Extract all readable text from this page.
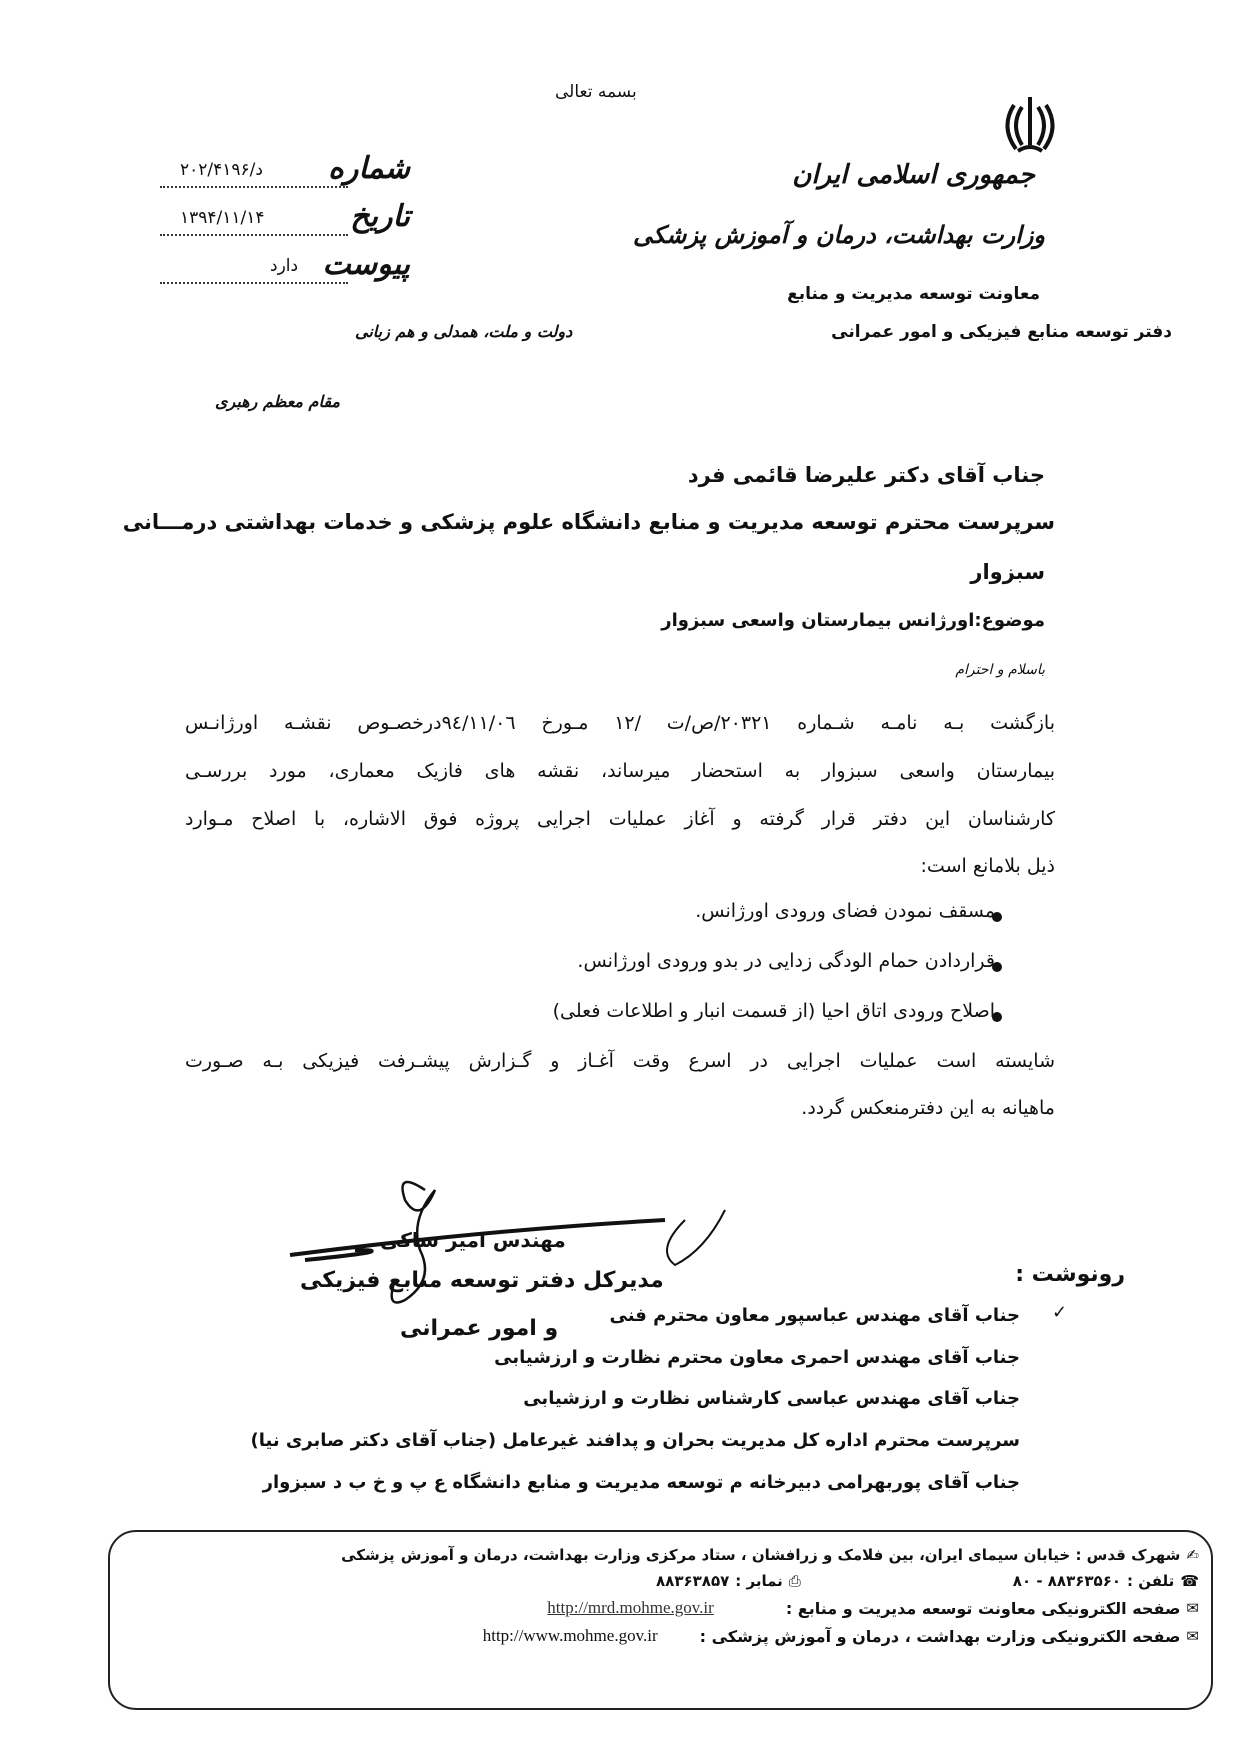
بسمه تعالی
جمهوری اسلامی ایران
وزارت بهداشت، درمان و آموزش پزشکی
معاونت توسعه مدیریت و منابع
دفتر توسعه منابع فیزیکی و امور عمرانی
شماره
د/۲۰۲/۴۱۹۶
تاریخ
۱۳۹۴/۱۱/۱۴
پیوست
دارد
دولت و ملت، همدلی و هم زبانی
مقام معظم رهبری
جناب آقای دکتر علیرضا قائمی فرد
سرپرست محترم توسعه مدیریت و منابع دانشگاه علوم پزشکی و خدمات بهداشتی درمـــانی
سبزوار
موضوع:اورژانس بیمارستان واسعی سبزوار
باسلام و احترام
بازگشت بـه نامـه شـماره ۲۰۳۲۱/ص/ت /۱۲ مـورخ ۹٤/۱۱/۰٦درخصـوص نقشـه اورژانـس
بیمارستان واسعی سبزوار به استحضار میرساند، نقشه های فازیک معماری، مورد بررسـی
کارشناسان این دفتر قرار گرفته و آغاز عملیات اجرایی پروژه فوق الاشاره، با اصلاح مـوارد
ذیل بلامانع است:
مسقف نمودن فضای ورودی اورژانس.
قراردادن حمام الودگی زدایی در بدو ورودی اورژانس.
اصلاح ورودی اتاق احیا (از قسمت انبار و اطلاعات فعلی)
شایسته است عملیات اجرایی در اسرع وقت آغـاز و گـزارش پیشـرفت فیزیکی بـه صـورت
ماهیانه به این دفترمنعکس گردد.
مهندس امیر ساکی
مدیرکل دفتر توسعه منابع فیزیکی
و امور عمرانی
رونوشت :
✓
جناب آقای مهندس عباسپور معاون محترم فنی
جناب آقای مهندس احمری معاون محترم نظارت و ارزشیابی
جناب آقای مهندس عباسی کارشناس نظارت و ارزشیابی
سرپرست محترم اداره کل مدیریت بحران و پدافند غیرعامل (جناب آقای دکتر صابری نیا)
جناب آقای پوربهرامی دبیرخانه م توسعه مدیریت و منابع دانشگاه ع پ و خ ب د سبزوار
✍
شهرک قدس : خیابان سیمای ایران، بین فلامک و زرافشان ، ستاد مرکزی وزارت بهداشت، درمان و آموزش
پزشکی
☎
تلفن :
۸۸۳۶۳۵۶۰ - ۸۰
⎙
نمابر :
۸۸۳۶۳۸۵۷
✉
صفحه الکترونیکی معاونت توسعه مدیریت و منابع :
http://mrd.mohme.gov.ir
✉
صفحه الکترونیکی وزارت بهداشت ، درمان و آموزش پزشکی :
http://www.mohme.gov.ir
